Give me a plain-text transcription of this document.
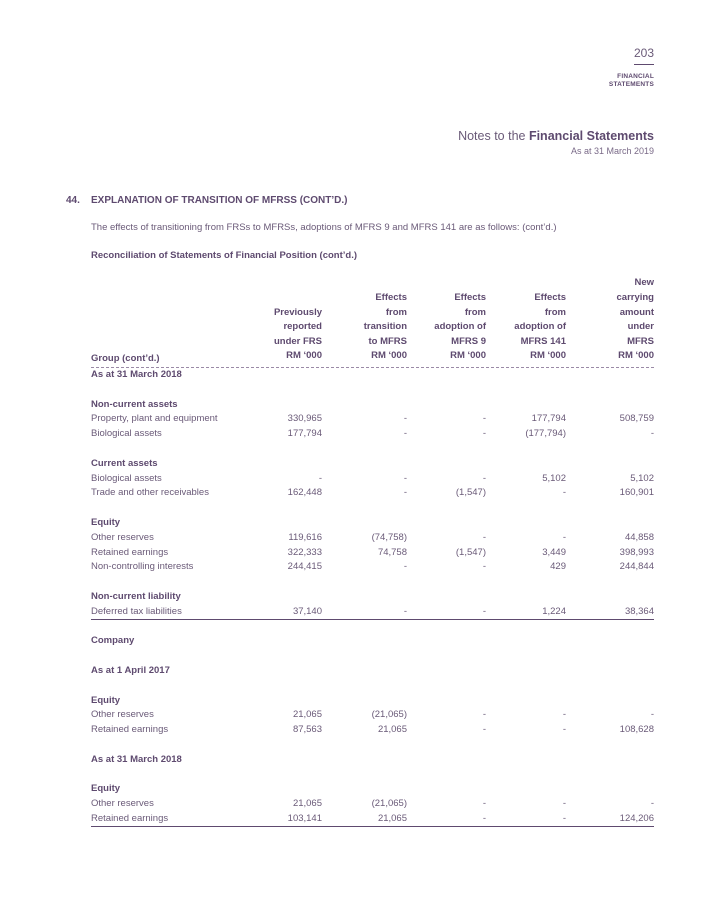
203
FINANCIAL
STATEMENTS
Notes to the Financial Statements
As at 31 March 2019
44. EXPLANATION OF TRANSITION OF MFRSS (CONT’D.)
The effects of transitioning from FRSs to MFRSs, adoptions of MFRS 9 and MFRS 141 are as follows: (cont’d.)
Reconciliation of Statements of Financial Position (cont’d.)
Group (cont’d.)
Previously
reported
under FRS
RM ‘000
Effects
from
transition
to MFRS
RM ‘000
Effects
from
adoption of
MFRS 9
RM ‘000
Effects
from
adoption of
MFRS 141
RM ‘000
New
carrying
amount
under
MFRS
RM ‘000
As at 31 March 2018
Non-current assets
Property, plant and equipment	330,965	-	-	177,794	508,759
Biological assets	177,794	-	-	(177,794)	-
Current assets
Biological assets	-	-	-	5,102	5,102
Trade and other receivables	162,448	-	(1,547)	-	160,901
Equity
Other reserves	119,616	(74,758)	-	-	44,858
Retained earnings	322,333	74,758	(1,547)	3,449	398,993
Non-controlling interests	244,415	-	-	429	244,844
Non-current liability
Deferred tax liabilities	37,140	-	-	1,224	38,364
Company
As at 1 April 2017
Equity
Other reserves	21,065	(21,065)	-	-	-
Retained earnings	87,563	21,065	-	-	108,628
As at 31 March 2018
Equity
Other reserves	21,065	(21,065)	-	-	-
Retained earnings	103,141	21,065	-	-	124,206
